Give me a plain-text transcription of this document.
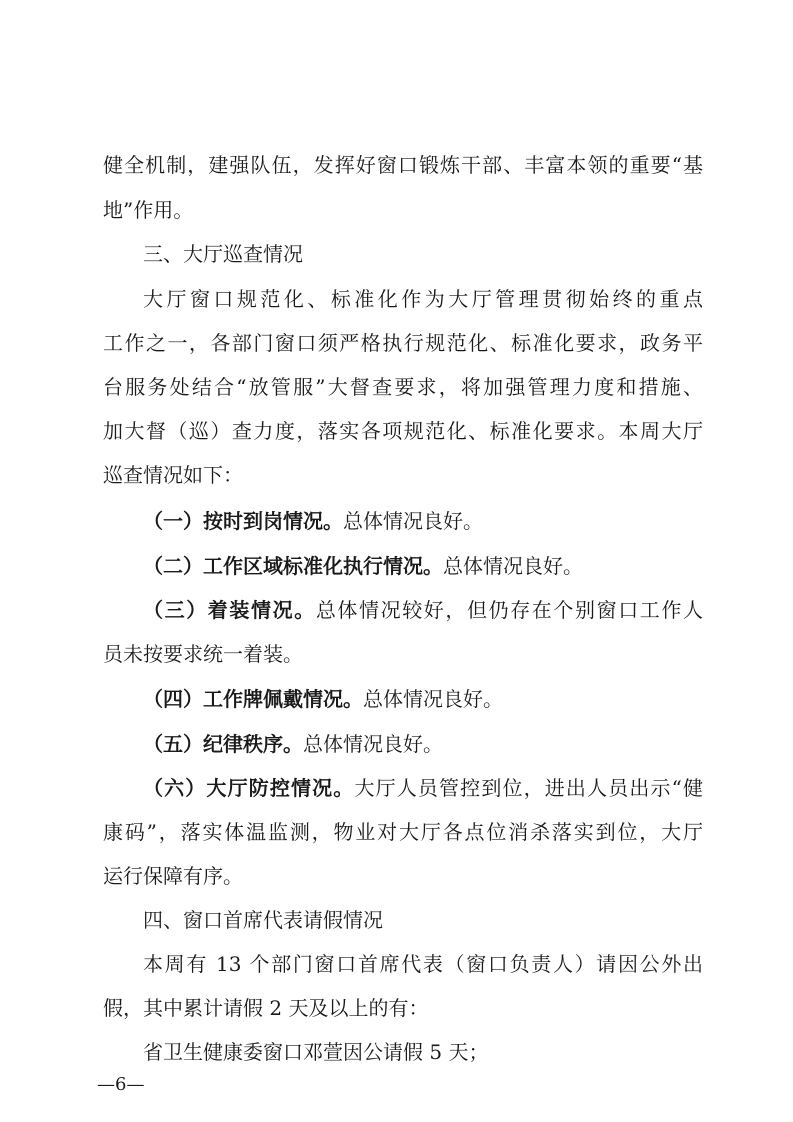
健全机制，建强队伍，发挥好窗口锻炼干部、丰富本领的重要“基
地”作用。
三、大厅巡查情况
大厅窗口规范化、标准化作为大厅管理贯彻始终的重点
工作之一，各部门窗口须严格执行规范化、标准化要求，政务平
台服务处结合“放管服”大督查要求，将加强管理力度和措施、
加大督（巡）查力度，落实各项规范化、标准化要求。本周大厅
巡查情况如下：
（一）按时到岗情况。总体情况良好。
（二）工作区域标准化执行情况。总体情况良好。
（三）着装情况。总体情况较好，但仍存在个别窗口工作人
员未按要求统一着装。
（四）工作牌佩戴情况。总体情况良好。
（五）纪律秩序。总体情况良好。
（六）大厅防控情况。大厅人员管控到位，进出人员出示“健
康码”，落实体温监测，物业对大厅各点位消杀落实到位，大厅
运行保障有序。
四、窗口首席代表请假情况
本周有 13 个部门窗口首席代表（窗口负责人）请因公外出
假，其中累计请假 2 天及以上的有：
省卫生健康委窗口邓萱因公请假 5 天；
—6—
